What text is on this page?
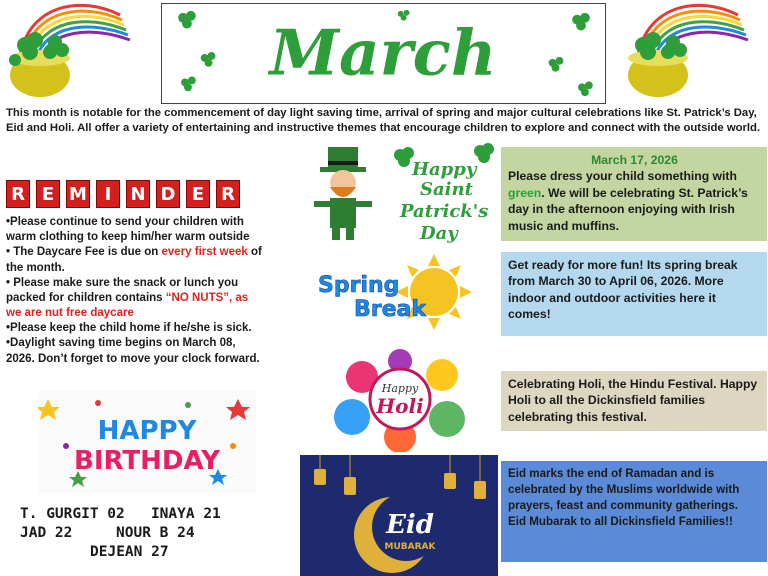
March
This month is notable for the commencement of day light saving time, arrival of spring and major cultural celebrations like St. Patrick’s Day, Eid and Holi. All offer a variety of entertaining and instructive themes that encourage children to explore and connect with the outside world.
R E M I	N D E R
•Please continue to send your children with warm clothing to keep him/her warm outside
• The Daycare Fee is due on every first week of the month.
• Please make sure the snack or lunch you packed for children contains “NO NUTS”, as we are nut free daycare
•Please keep the child home if he/she is sick.
•Daylight saving time begins on March 08, 2026. Don’t forget to move your clock forward.
HAPPY
BIRTHDAY
T. GURGIT 02   INAYA 21
JAD 22     NOUR B 24
DEJEAN 27
Happy
Saint
Patrick's
Day
Spring
Break
Happy
Holi
Eid
MUBARAK
March 17, 2026
Please dress your child something with green. We will be celebrating St. Patrick’s day in the afternoon enjoying with Irish music and muffins.
Get ready for more fun! Its spring break from March 30 to April 06, 2026. More indoor and outdoor activities here it comes!
Celebrating Holi, the Hindu Festival. Happy Holi to all the Dickinsfield families celebrating this festival.
Eid marks the end of Ramadan and is celebrated by the Muslims worldwide with prayers, feast and community gatherings.
Eid Mubarak to all Dickinsfield Families!!
